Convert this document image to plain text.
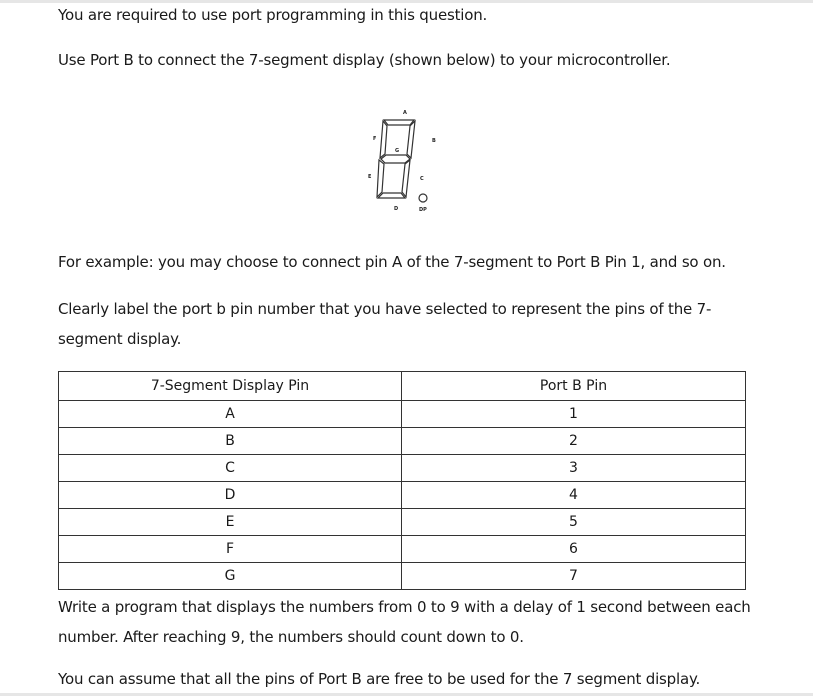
You are required to use port programming in this question.

Use Port B to connect the 7-segment display (shown below) to your microcontroller.

A
B
C
D
E
F
G
DP

For example: you may choose to connect pin A of the 7-segment to Port B Pin 1, and so on.

Clearly label the port b pin number that you have selected to represent the pins of the 7-segment display.

7-Segment Display Pin	Port B Pin
A	1
B	2
C	3
D	4
E	5
F	6
G	7

Write a program that displays the numbers from 0 to 9 with a delay of 1 second between each number. After reaching 9, the numbers should count down to 0.

You can assume that all the pins of Port B are free to be used for the 7 segment display.
